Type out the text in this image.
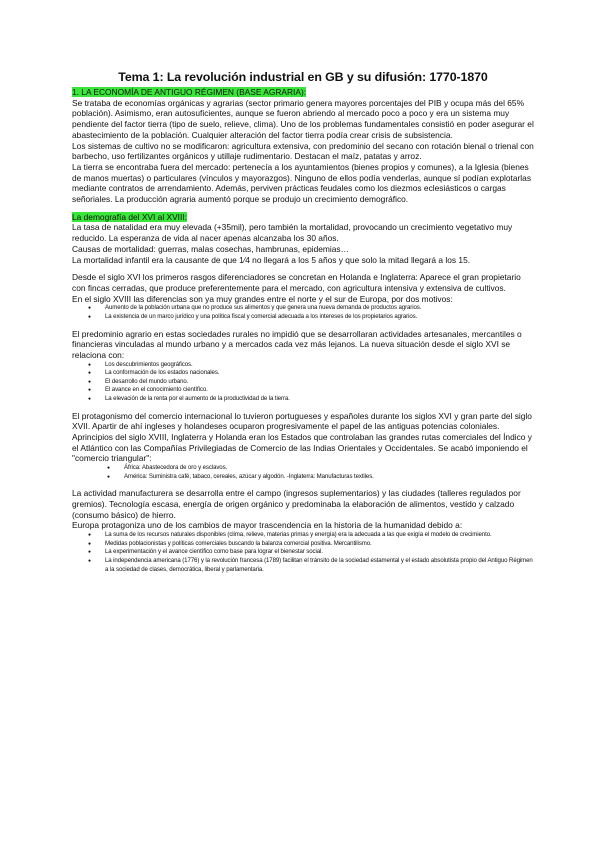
Tema 1: La revolución industrial en GB y su difusión: 1770-1870

1. LA ECONOMÍA DE ANTIGUO RÉGIMEN (BASE AGRARIA):

Se trataba de economías orgánicas y agrarias (sector primario genera mayores porcentajes del PIB y ocupa más del 65% población). Asimismo, eran autosuficientes, aunque se fueron abriendo al mercado poco a poco y era un sistema muy pendiente del factor tierra (tipo de suelo, relieve, clima). Uno de los problemas fundamentales consistió en poder asegurar el abastecimiento de la población. Cualquier alteración del factor tierra podía crear crisis de subsistencia.

Los sistemas de cultivo no se modificaron: agricultura extensiva, con predominio del secano con rotación bienal o trienal con barbecho, uso fertilizantes orgánicos y utillaje rudimentario. Destacan el maíz, patatas y arroz.

La tierra se encontraba fuera del mercado: pertenecía a los ayuntamientos (bienes propios y comunes), a la Iglesia (bienes de manos muertas) o particulares (vínculos y mayorazgos). Ninguno de ellos podía venderlas, aunque sí podían explotarlas mediante contratos de arrendamiento. Además, perviven prácticas feudales como los diezmos eclesiásticos o cargas señoriales. La producción agraria aumentó porque se produjo un crecimiento demográfico.

La demografía del XVI al XVIII:

La tasa de natalidad era muy elevada (+35mil), pero también la mortalidad, provocando un crecimiento vegetativo muy reducido. La esperanza de vida al nacer apenas alcanzaba los 30 años.

Causas de mortalidad: guerras, malas cosechas, hambrunas, epidemias…

La mortalidad infantil era la causante de que 1⁄4 no llegará a los 5 años y que solo la mitad llegará a los 15.

Desde el siglo XVI los primeros rasgos diferenciadores se concretan en Holanda e Inglaterra: Aparece el gran propietario con fincas cerradas, que produce preferentemente para el mercado, con agricultura intensiva y extensiva de cultivos.

En el siglo XVIII las diferencias son ya muy grandes entre el norte y el sur de Europa, por dos motivos:

● Aumento de la población urbana que no produce sus alimentos y que genera una nueva demanda de productos agrarios.
● La existencia de un marco jurídico y una política fiscal y comercial adecuada a los intereses de los propietarios agrarios.

El predominio agrario en estas sociedades rurales no impidió que se desarrollaran actividades artesanales, mercantiles o financieras vinculadas al mundo urbano y a mercados cada vez más lejanos. La nueva situación desde el siglo XVI se relaciona con:

● Los descubrimientos geográficos.
● La conformación de los estados nacionales.
● El desarrollo del mundo urbano.
● El avance en el conocimiento científico.
● La elevación de la renta por el aumento de la productividad de la tierra.

El protagonismo del comercio internacional lo tuvieron portugueses y españoles durante los siglos XVI y gran parte del siglo XVII. Apartir de ahí ingleses y holandeses ocuparon progresivamente el papel de las antiguas potencias coloniales.

Aprincipios del siglo XVIII, Inglaterra y Holanda eran los Estados que controlaban las grandes rutas comerciales del Índico y el Atlántico con las Compañías Privilegiadas de Comercio de las Indias Orientales y Occidentales. Se acabó imponiendo el "comercio triangular":

● África: Abastecedora de oro y esclavos.
● América: Suministra café, tabaco, cereales, azúcar y algodón. -Inglaterra: Manufacturas textiles.

La actividad manufacturera se desarrolla entre el campo (ingresos suplementarios) y las ciudades (talleres regulados por gremios). Tecnología escasa, energía de origen orgánico y predominaba la elaboración de alimentos, vestido y calzado (consumo básico) de hierro.

Europa protagoniza uno de los cambios de mayor trascendencia en la historia de la humanidad debido a:

● La suma de los recursos naturales disponibles (clima, relieve, materias primas y energía) era la adecuada a las que exigía el modelo de crecimiento.
● Medidas poblacionistas y políticas comerciales buscando la balanza comercial positiva. Mercantilismo.
● La experimentación y el avance científico como base para lograr el bienestar social.
● La independencia americana (1776) y la revolución francesa (1789) facilitan el tránsito de la sociedad estamental y el estado absolutista propio del Antiguo Régimen a la sociedad de clases, democrática, liberal y parlamentaria.
